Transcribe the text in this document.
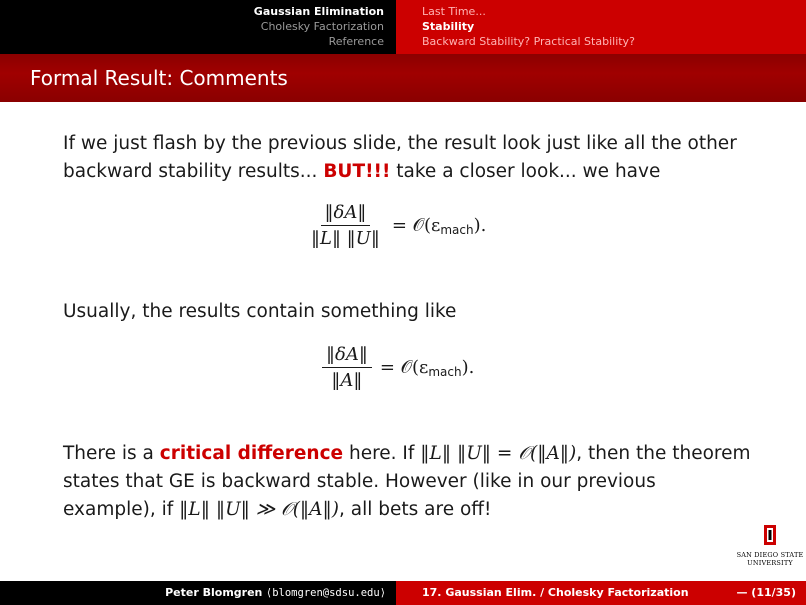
Gaussian Elimination
Cholesky Factorization
Reference
Last Time...
Stability
Backward Stability? Practical Stability?
Formal Result: Comments

If we just flash by the previous slide, the result look just like all the other backward stability results... BUT!!! take a closer look... we have

Usually, the results contain something like

There is a critical difference here. If ‖L‖ ‖U‖ = 𝒪(‖A‖), then the theorem states that GE is backward stable. However (like in our previous example), if ‖L‖ ‖U‖ ≫ 𝒪(‖A‖), all bets are off!

$\frac{‖\delta A‖}{‖L‖ ‖U‖}$ = $𝒪(\varepsilon_{mach})$.
$\frac{‖\delta A‖}{‖A‖}$ = $𝒪(\varepsilon_{mach})$.
SAN DIEGO STATE
UNIVERSITY
Peter Blomgren ⟨blomgren@sdsu.edu⟩	17. Gaussian Elim. / Cholesky Factorization	— (11/35)
